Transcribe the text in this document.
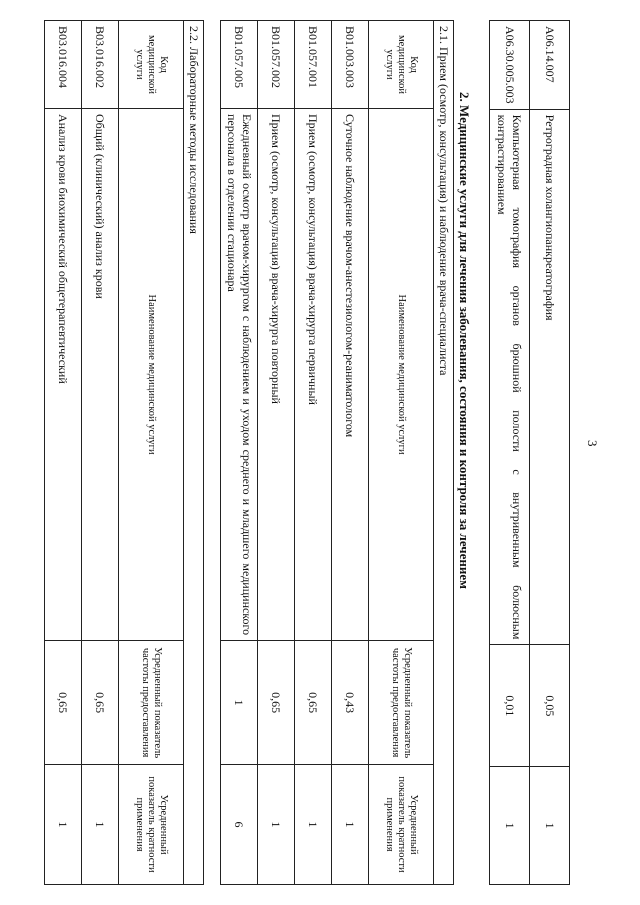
3
A06.14.007	Ретроградная холангиопанкреатография	0,05	1
A06.30.005.003	Компьютерная томография органов брюшной полости с внутривенным болюсным контрастированием	0,01	1
2. Медицинские услуги для лечения заболевания, состояния и контроля за лечением
2.1. Прием (осмотр, консультация) и наблюдение врача-специалиста			
Код медицинской услуги	Наименование медицинской услуги	Усредненный показатель частоты предоставления	Усредненный показатель кратности применения
B01.003.003	Суточное наблюдение врачом-анестезиологом-реаниматологом	0,43	1
B01.057.001	Прием (осмотр, консультация) врача-хирурга первичный	0,65	1
B01.057.002	Прием (осмотр, консультация) врача-хирурга повторный	0,65	1
B01.057.005	Ежедневный осмотр врачом-хирургом с наблюдением и уходом среднего и младшего медицинского персонала в отделении стационара	1	6
2.2. Лабораторные методы исследования			
Код медицинской услуги	Наименование медицинской услуги	Усредненный показатель частоты предоставления	Усредненный показатель кратности применения
B03.016.002	Общий (клинический) анализ крови	0,65	1
B03.016.004	Анализ крови биохимический общетерапевтический	0,65	1
